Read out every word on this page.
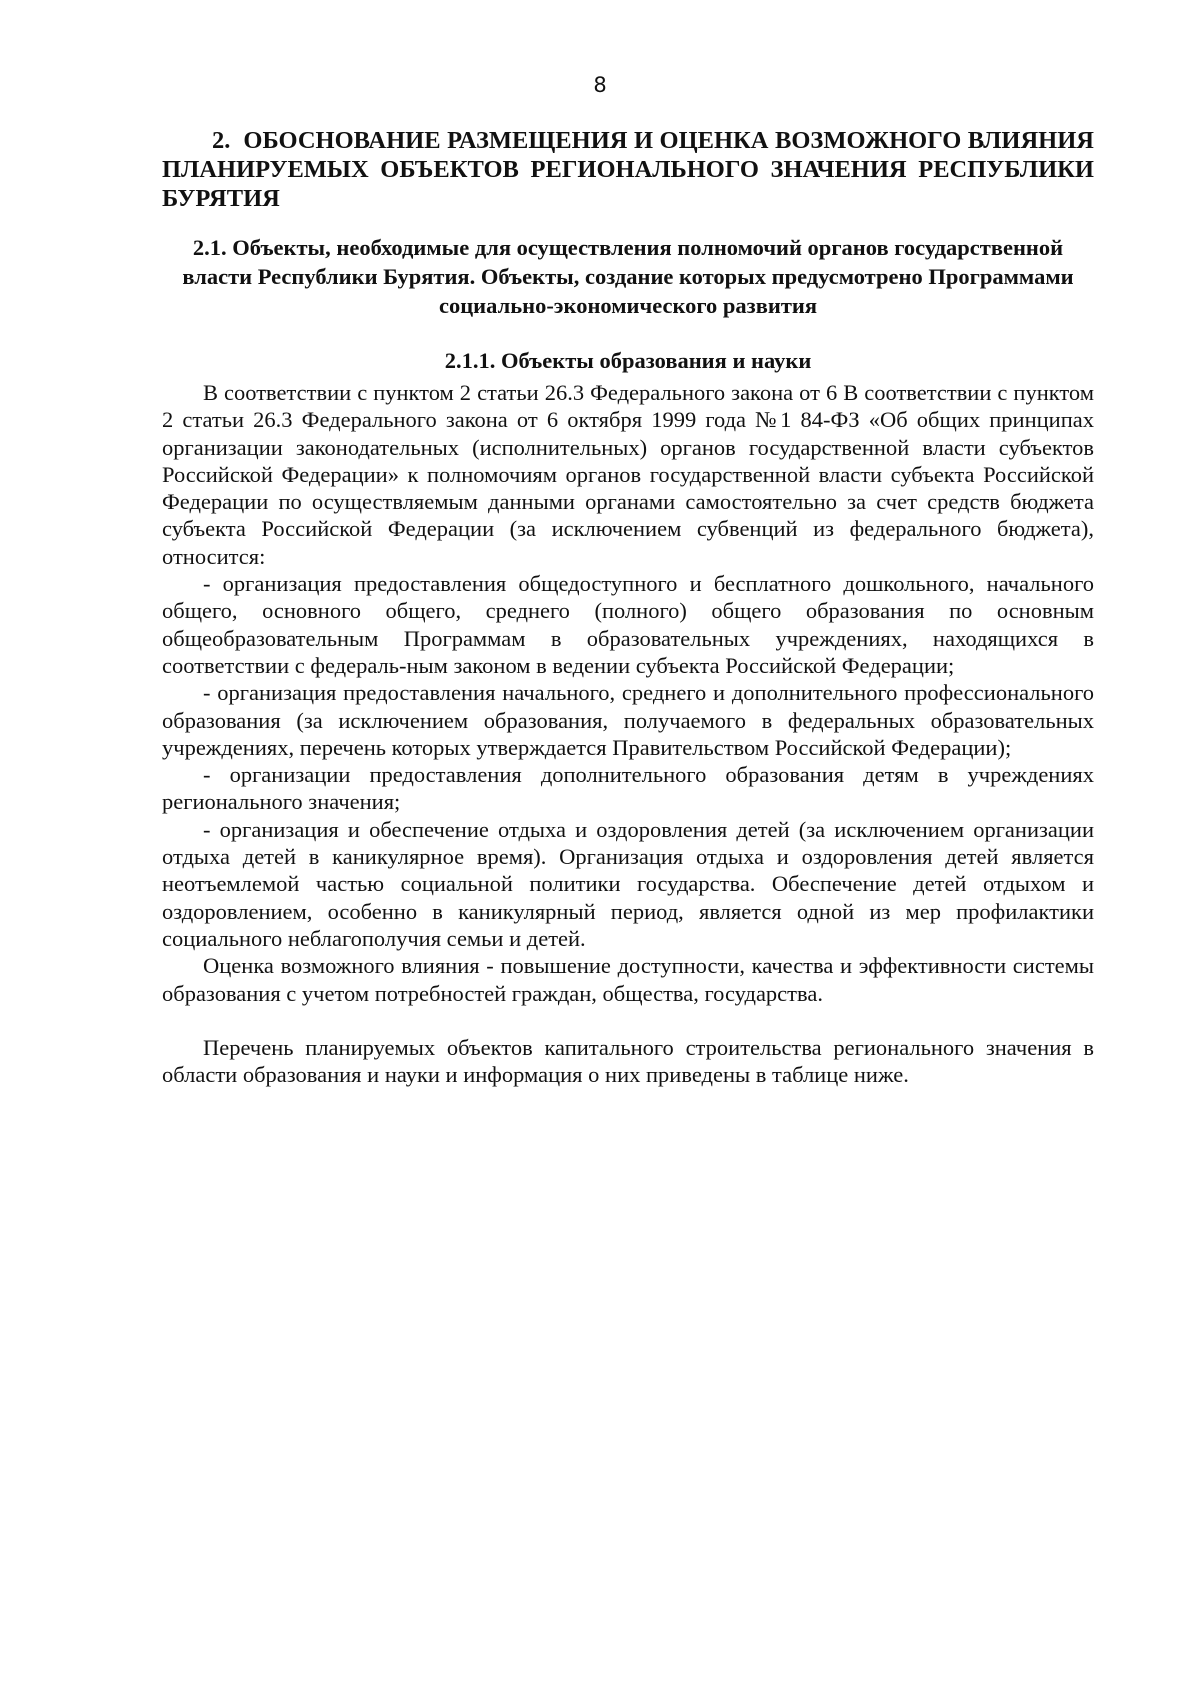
8
2.  ОБОСНОВАНИЕ РАЗМЕЩЕНИЯ И ОЦЕНКА ВОЗМОЖНОГО ВЛИЯНИЯ ПЛАНИРУЕМЫХ ОБЪЕКТОВ РЕГИОНАЛЬНОГО ЗНАЧЕНИЯ РЕСПУБЛИКИ БУРЯТИЯ
2.1. Объекты, необходимые для осуществления полномочий органов государственной власти Республики Бурятия. Объекты, создание которых предусмотрено Программами социально-экономического развития
2.1.1. Объекты образования и науки

В соответствии с пунктом 2 статьи 26.3 Федерального закона от 6 В соответствии с пунктом 2 статьи 26.3 Федерального закона от 6 октября 1999 года №1 84-ФЗ «Об общих принципах организации законодательных (исполнительных) органов государственной власти субъектов Российской Федерации» к полномочиям органов государственной власти субъекта Российской Федерации по осуществляемым данными органами самостоятельно за счет средств бюджета субъекта Российской Федерации (за исключением субвенций из федерального бюджета), относится:

- организация предоставления общедоступного и бесплатного дошкольного, начального общего, основного общего, среднего (полного) общего образования по основным общеобразовательным Программам в образовательных учреждениях, находящихся в соответствии с федераль-ным законом в ведении субъекта Российской Федерации;

- организация предоставления начального, среднего и дополнительного профессионального образования (за исключением образования, получаемого в федеральных образовательных учреждениях, перечень которых утверждается Правительством Российской Федерации);

- организации предоставления дополнительного образования детям в учреждениях регионального значения;

- организация и обеспечение отдыха и оздоровления детей (за исключением организации отдыха детей в каникулярное время). Организация отдыха и оздоровления детей является неотъемлемой частью социальной политики государства. Обеспечение детей отдыхом и оздоровлением, особенно в каникулярный период, является одной из мер профилактики социального неблагополучия семьи и детей.

Оценка возможного влияния - повышение доступности, качества и эффективности системы образования с учетом потребностей граждан, общества, государства.

Перечень планируемых объектов капитального строительства регионального значения в области образования и науки и информация о них приведены в таблице ниже.
